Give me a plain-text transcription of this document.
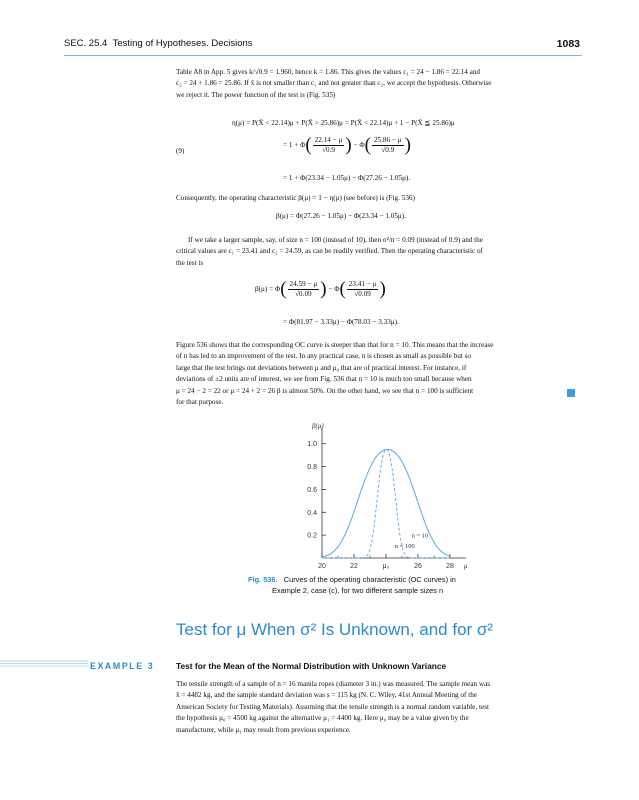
SEC. 25.4 Testing of Hypotheses. Decisions	1083
Table A8 in App. 5 gives k/√0.9 = 1.960, hence k = 1.86. This gives the values c₁ = 24 − 1.86 = 22.14 and
c₂ = 24 + 1.86 = 25.86. If x̄ is not smaller than c₁ and not greater than c₂, we accept the hypothesis. Otherwise
we reject it. The power function of the test is (Fig. 535)
η(μ) = P(X̄ < 22.14)μ + P(X̄ > 25.86)μ = P(X̄ < 22.14)μ + 1 − P(X̄ ≦ 25.86)μ
(9)
= $1 + \Phi( \frac{22.14 - \mu}{√0.9}$ ) − $\Phi( \frac{25.86 - \mu}{√0.9}$ )
= 1 + Φ(23.34 − 1.05μ) − Φ(27.26 − 1.05μ).
Consequently, the operating characteristic β(μ) = 1 − η(μ) (see before) is (Fig. 536)
β(μ) = Φ(27.26 − 1.05μ) − Φ(23.34 − 1.05μ).
If we take a larger sample, say, of size n = 100 (instead of 10), then σ²/n = 0.09 (instead of 0.9) and the
critical values are c₁ = 23.41 and c₂ = 24.59, as can be readily verified. Then the operating characteristic of
the test is
$\beta(\mu) = \Phi( \frac{24.59 - \mu}{√0.09}$ ) − $\Phi( \frac{23.41 - \mu}{√0.09}$ )
= Φ(81.97 − 3.33μ) − Φ(78.03 − 3.33μ).
Figure 536 shows that the corresponding OC curve is steeper than that for n = 10. This means that the increase
of n has led to an improvement of the test. In any practical case, n is chosen as small as possible but so
large that the test brings out deviations between μ and μ₀ that are of practical interest. For instance, if
deviations of ±2 units are of interest, we see from Fig. 536 that n = 10 is much too small because when
μ = 24 − 2 = 22 or μ = 24 + 2 = 26 β is almost 50%. On the other hand, we see that n = 100 is sufficient
for that purpose.
0.2
0.4
0.6
0.8
1.0
20	22	μ₀	26	28
β(μ)
μ
n = 10
n = 100
Fig. 536. Curves of the operating characteristic (OC curves) in
Example 2, case (c), for two different sample sizes n
Test for μ When σ² Is Unknown, and for σ²
EXAMPLE 3	Test for the Mean of the Normal Distribution with Unknown Variance
The tensile strength of a sample of n = 16 manila ropes (diameter 3 in.) was measured. The sample mean was
x̄ = 4482 kg, and the sample standard deviation was s = 115 kg (N. C. Wiley, 41st Annual Meeting of the
American Society for Testing Materials). Assuming that the tensile strength is a normal random variable, test
the hypothesis μ₀ = 4500 kg against the alternative μ₁ = 4400 kg. Here μ₀ may be a value given by the
manufacturer, while μ₁ may result from previous experience.
